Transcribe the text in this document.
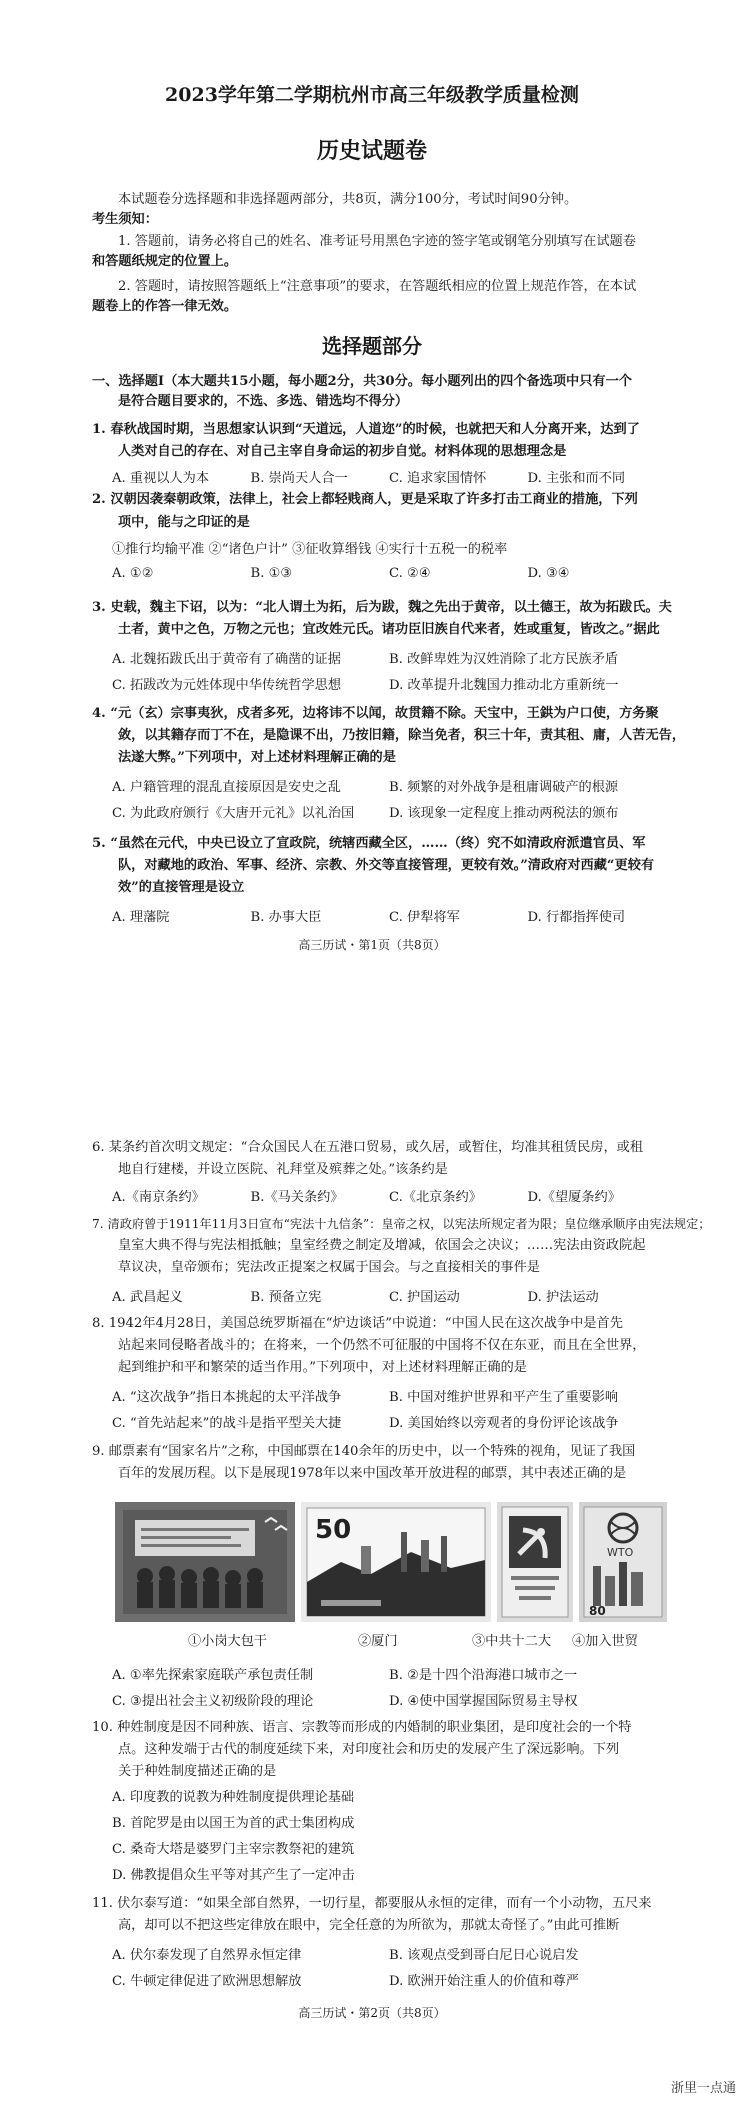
2023学年第二学期杭州市高三年级教学质量检测
历史试题卷
本试题卷分选择题和非选择题两部分，共8页，满分100分，考试时间90分钟。
考生须知：
1. 答题前，请务必将自己的姓名、准考证号用黑色字迹的签字笔或钢笔分别填写在试题卷
和答题纸规定的位置上。
2. 答题时，请按照答题纸上“注意事项”的要求，在答题纸相应的位置上规范作答，在本试
题卷上的作答一律无效。
选择题部分
一、选择题Ⅰ（本大题共15小题，每小题2分，共30分。每小题列出的四个备选项中只有一个
是符合题目要求的，不选、多选、错选均不得分）
1. 春秋战国时期，当思想家认识到“天道远，人道迩”的时候，也就把天和人分离开来，达到了
人类对自己的存在、对自己主宰自身命运的初步自觉。材料体现的思想理念是
A. 重视以人为本	B. 崇尚天人合一	C. 追求家国情怀	D. 主张和而不同
2. 汉朝因袭秦朝政策，法律上，社会上都轻贱商人，更是采取了许多打击工商业的措施，下列
项中，能与之印证的是
①推行均输平准 ②“诸色户计” ③征收算缗钱 ④实行十五税一的税率
A. ①②	B. ①③	C. ②④	D. ③④
3. 史载，魏主下诏，以为：“北人谓土为拓，后为跋，魏之先出于黄帝，以土德王，故为拓跋氏。夫
土者，黄中之色，万物之元也；宜改姓元氏。诸功臣旧族自代来者，姓或重复，皆改之。”据此
A. 北魏拓跋氏出于黄帝有了确凿的证据	B. 改鲜卑姓为汉姓消除了北方民族矛盾
C. 拓跋改为元姓体现中华传统哲学思想	D. 改革提升北魏国力推动北方重新统一
4. “元（玄）宗事夷狄，戍者多死，边将讳不以闻，故贯籍不除。天宝中，王鉷为户口使，方务聚
敛，以其籍存而丁不在，是隐课不出，乃按旧籍，除当免者，积三十年，责其租、庸，人苦无告，
法遂大弊。”下列项中，对上述材料理解正确的是
A. 户籍管理的混乱直接原因是安史之乱	B. 频繁的对外战争是租庸调破产的根源
C. 为此政府颁行《大唐开元礼》以礼治国	D. 该现象一定程度上推动两税法的颁布
5. “虽然在元代，中央已设立了宣政院，统辖西藏全区，……（终）究不如清政府派遣官员、军
队，对藏地的政治、军事、经济、宗教、外交等直接管理，更较有效。”清政府对西藏“更较有
效”的直接管理是设立
A. 理藩院	B. 办事大臣	C. 伊犁将军	D. 行都指挥使司
高三历试・第1页（共8页）
6. 某条约首次明文规定：“合众国民人在五港口贸易，或久居，或暂住，均准其租赁民房，或租
地自行建楼，并设立医院、礼拜堂及殡葬之处。”该条约是
A.《南京条约》	B.《马关条约》	C.《北京条约》	D.《望厦条约》
7. 清政府曾于1911年11月3日宣布“宪法十九信条”：皇帝之权，以宪法所规定者为限；皇位继承顺序由宪法规定；
皇室大典不得与宪法相抵触；皇室经费之制定及增减，依国会之决议；……宪法由资政院起
草议决，皇帝颁布；宪法改正提案之权属于国会。与之直接相关的事件是
A. 武昌起义	B. 预备立宪	C. 护国运动	D. 护法运动
8. 1942年4月28日，美国总统罗斯福在“炉边谈话”中说道：“中国人民在这次战争中是首先
站起来同侵略者战斗的；在将来，一个仍然不可征服的中国将不仅在东亚，而且在全世界，
起到维护和平和繁荣的适当作用。”下列项中，对上述材料理解正确的是
A. “这次战争”指日本挑起的太平洋战争	B. 中国对维护世界和平产生了重要影响
C. “首先站起来”的战斗是指平型关大捷	D. 美国始终以旁观者的身份评论该战争
9. 邮票素有“国家名片”之称，中国邮票在140余年的历史中，以一个特殊的视角，见证了我国
百年的发展历程。以下是展现1978年以来中国改革开放进程的邮票，其中表述正确的是
50
WTO
80
①小岗大包干	②厦门	③中共十二大 ④加入世贸
A. ①率先探索家庭联产承包责任制	B. ②是十四个沿海港口城市之一
C. ③提出社会主义初级阶段的理论	D. ④使中国掌握国际贸易主导权
10. 种姓制度是因不同种族、语言、宗教等而形成的内婚制的职业集团，是印度社会的一个特
点。这种发端于古代的制度延续下来，对印度社会和历史的发展产生了深远影响。下列
关于种姓制度描述正确的是
A. 印度教的说教为种姓制度提供理论基础
B. 首陀罗是由以国王为首的武士集团构成
C. 桑奇大塔是婆罗门主宰宗教祭祀的建筑
D. 佛教提倡众生平等对其产生了一定冲击
11. 伏尔泰写道：“如果全部自然界，一切行星，都要服从永恒的定律，而有一个小动物，五尺来
高，却可以不把这些定律放在眼中，完全任意的为所欲为，那就太奇怪了。”由此可推断
A. 伏尔泰发现了自然界永恒定律	B. 该观点受到哥白尼日心说启发
C. 牛顿定律促进了欧洲思想解放	D. 欧洲开始注重人的价值和尊严
高三历试・第2页（共8页）
浙里一点通
